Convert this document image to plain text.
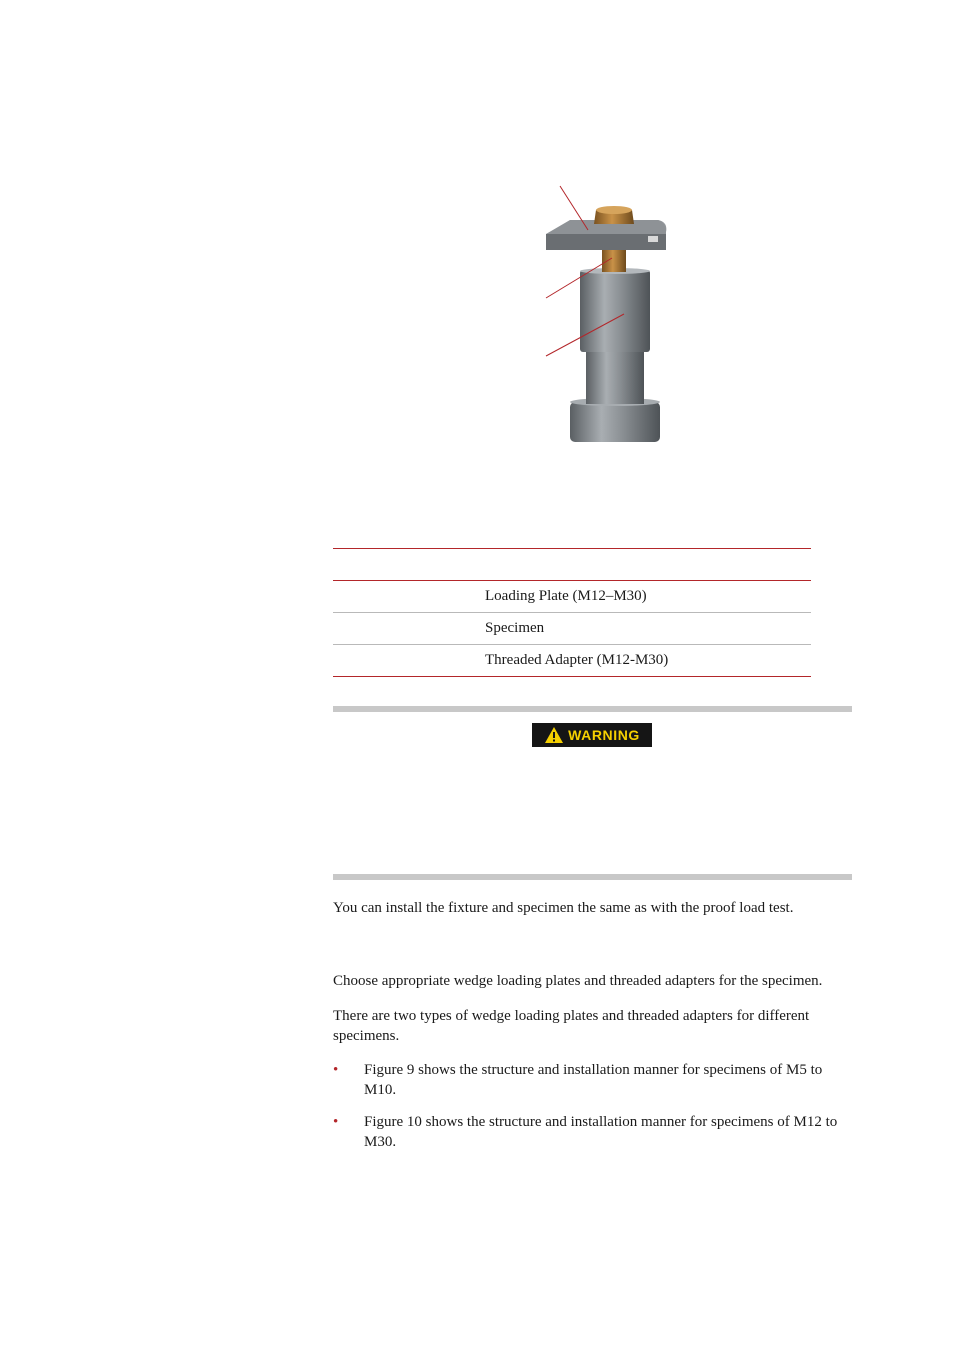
	Loading Plate (M12–M30)
	Specimen
	Threaded Adapter (M12-M30)
WARNING

You can install the fixture and specimen the same as with the proof load test.

Choose appropriate wedge loading plates and threaded adapters for the specimen.

There are two types of wedge loading plates and threaded adapters for different specimens.

• Figure 9 shows the structure and installation manner for specimens of M5 to M10.
• Figure 10 shows the structure and installation manner for specimens of M12 to M30.
